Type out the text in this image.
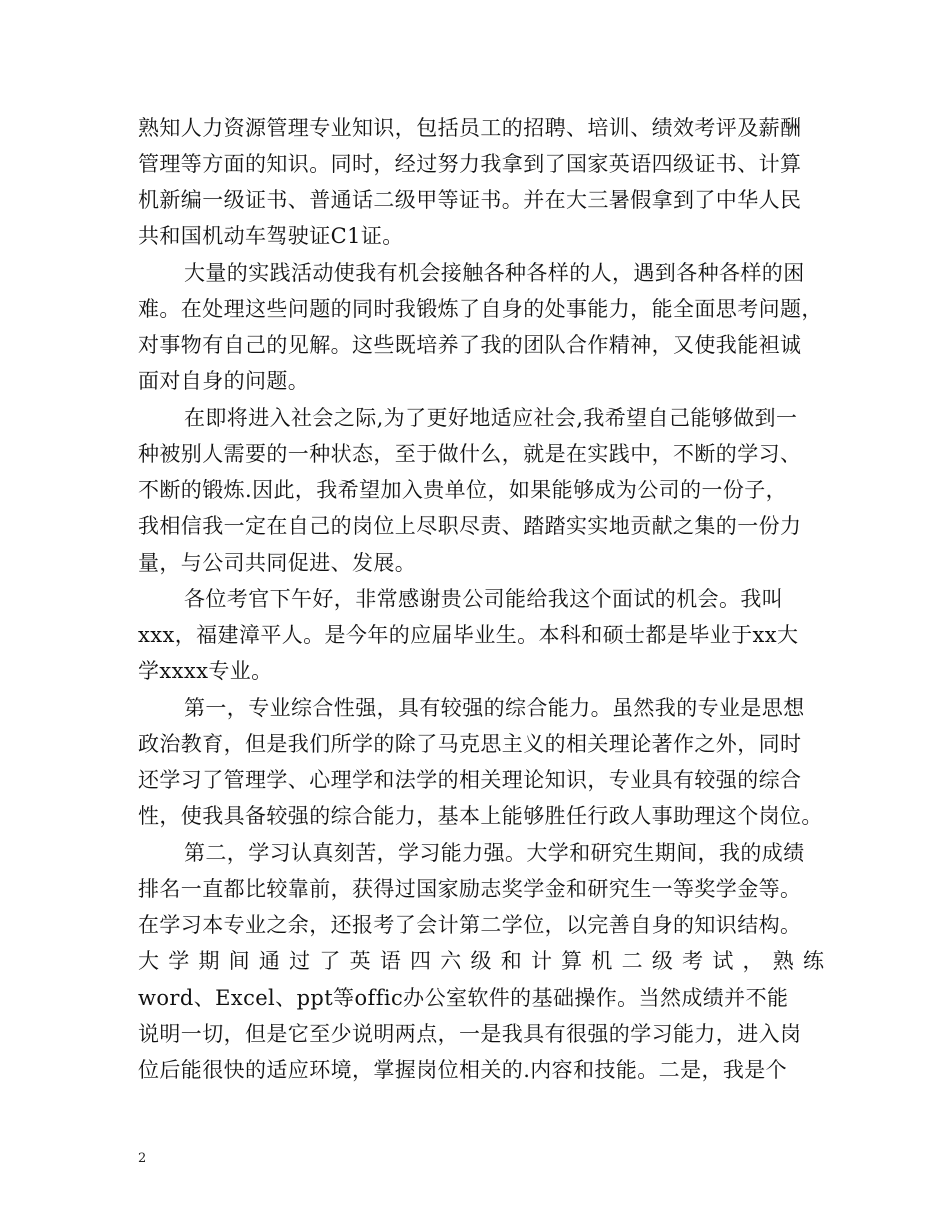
熟知人力资源管理专业知识，包括员工的招聘、培训、绩效考评及薪酬
管理等方面的知识。同时，经过努力我拿到了国家英语四级证书、计算
机新编一级证书、普通话二级甲等证书。并在大三暑假拿到了中华人民
共和国机动车驾驶证C1证。
大量的实践活动使我有机会接触各种各样的人，遇到各种各样的困
难。在处理这些问题的同时我锻炼了自身的处事能力，能全面思考问题，
对事物有自己的见解。这些既培养了我的团队合作精神，又使我能袒诚
面对自身的问题。
在即将进入社会之际,为了更好地适应社会,我希望自己能够做到一
种被别人需要的一种状态，至于做什么，就是在实践中，不断的学习、
不断的锻炼.因此，我希望加入贵单位，如果能够成为公司的一份子，
我相信我一定在自己的岗位上尽职尽责、踏踏实实地贡献之集的一份力
量，与公司共同促进、发展。
各位考官下午好，非常感谢贵公司能给我这个面试的机会。我叫
xxx，福建漳平人。是今年的应届毕业生。本科和硕士都是毕业于xx大
学xxxx专业。
第一，专业综合性强，具有较强的综合能力。虽然我的专业是思想
政治教育，但是我们所学的除了马克思主义的相关理论著作之外，同时
还学习了管理学、心理学和法学的相关理论知识，专业具有较强的综合
性，使我具备较强的综合能力，基本上能够胜任行政人事助理这个岗位。
第二，学习认真刻苦，学习能力强。大学和研究生期间，我的成绩
排名一直都比较靠前，获得过国家励志奖学金和研究生一等奖学金等。
在学习本专业之余，还报考了会计第二学位，以完善自身的知识结构。
大学期间通过了英语四六级和计算机二级考试，熟练
word、Excel、ppt等offic办公室软件的基础操作。当然成绩并不能
说明一切，但是它至少说明两点，一是我具有很强的学习能力，进入岗
位后能很快的适应环境，掌握岗位相关的.内容和技能。二是，我是个
2
